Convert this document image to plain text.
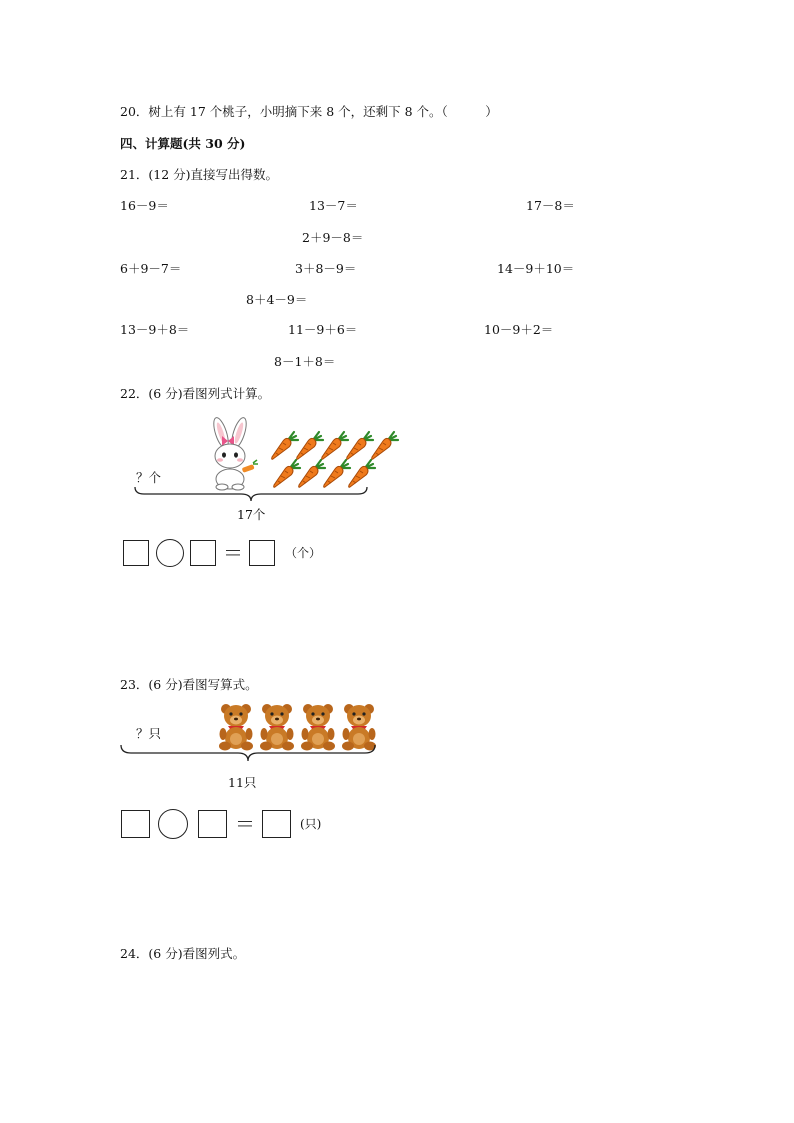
20．树上有 17 个桃子，小明摘下来 8 个，还剩下 8 个。（　　　）
四、计算题(共 30 分)
21．(12 分)直接写出得数。
16－9＝	13－7＝	17－8＝
2＋9－8＝
6＋9－7＝	3＋8－9＝	14－9＋10＝
8＋4－9＝
13－9＋8＝	11－9＋6＝	10－9＋2＝
8－1＋8＝
22．(6 分)看图列式计算。
？个
17个
＝	（个）
23．(6 分)看图写算式。
？只
11只
＝	(只)
24．(6 分)看图列式。
